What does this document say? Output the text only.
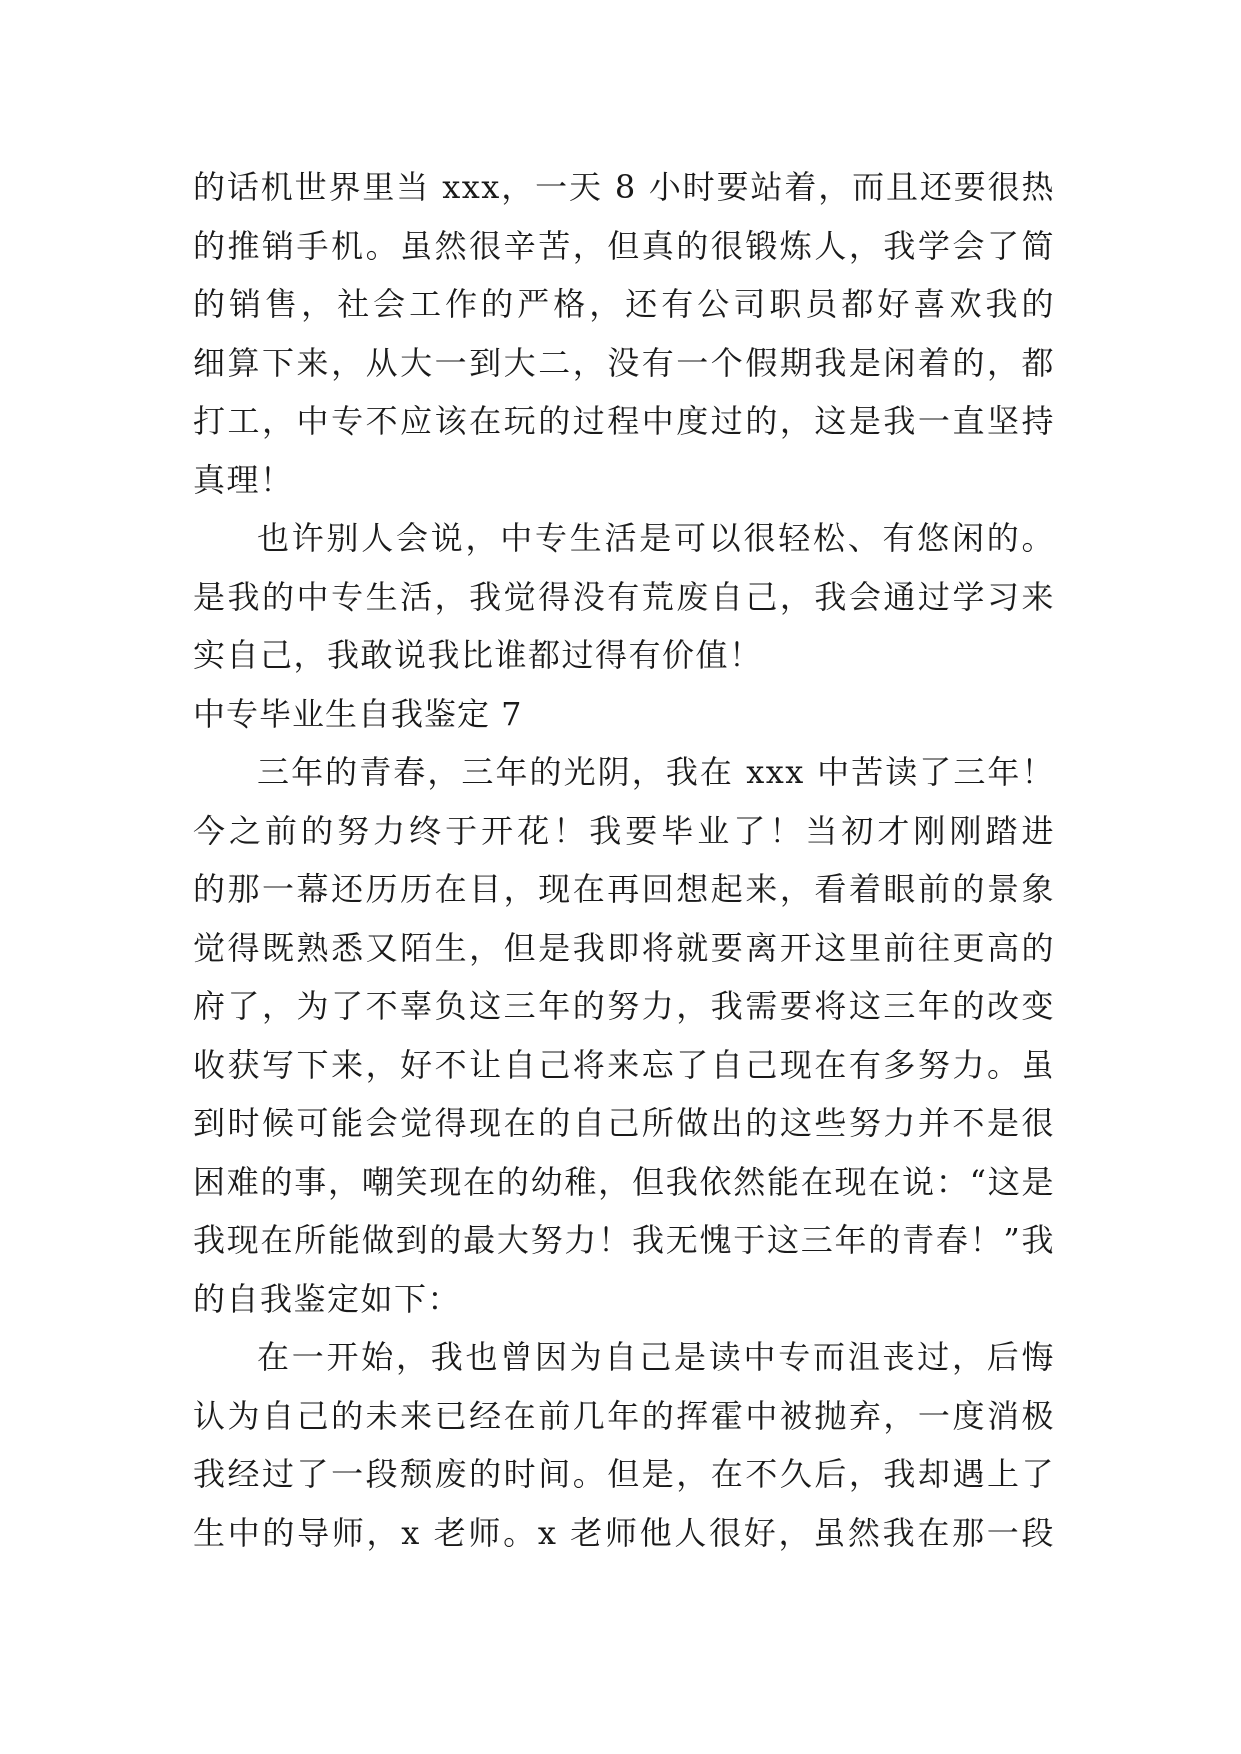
的话机世界里当 xxx，一天 8 小时要站着，而且还要很热
的推销手机。虽然很辛苦，但真的很锻炼人，我学会了简
的销售，社会工作的严格，还有公司职员都好喜欢我的
细算下来，从大一到大二，没有一个假期我是闲着的，都
打工，中专不应该在玩的过程中度过的，这是我一直坚持
真理！
也许别人会说，中专生活是可以很轻松、有悠闲的。
是我的中专生活，我觉得没有荒废自己，我会通过学习来
实自己，我敢说我比谁都过得有价值！
中专毕业生自我鉴定 7
三年的青春，三年的光阴，我在 xxx 中苦读了三年！
今之前的努力终于开花！我要毕业了！当初才刚刚踏进
的那一幕还历历在目，现在再回想起来，看着眼前的景象
觉得既熟悉又陌生，但是我即将就要离开这里前往更高的
府了，为了不辜负这三年的努力，我需要将这三年的改变
收获写下来，好不让自己将来忘了自己现在有多努力。虽
到时候可能会觉得现在的自己所做出的这些努力并不是很
困难的事，嘲笑现在的幼稚，但我依然能在现在说：“这是
我现在所能做到的最大努力！我无愧于这三年的青春！”我
的自我鉴定如下：
在一开始，我也曾因为自己是读中专而沮丧过，后悔
认为自己的未来已经在前几年的挥霍中被抛弃，一度消极
我经过了一段颓废的时间。但是，在不久后，我却遇上了
生中的导师，x 老师。x 老师他人很好，虽然我在那一段
